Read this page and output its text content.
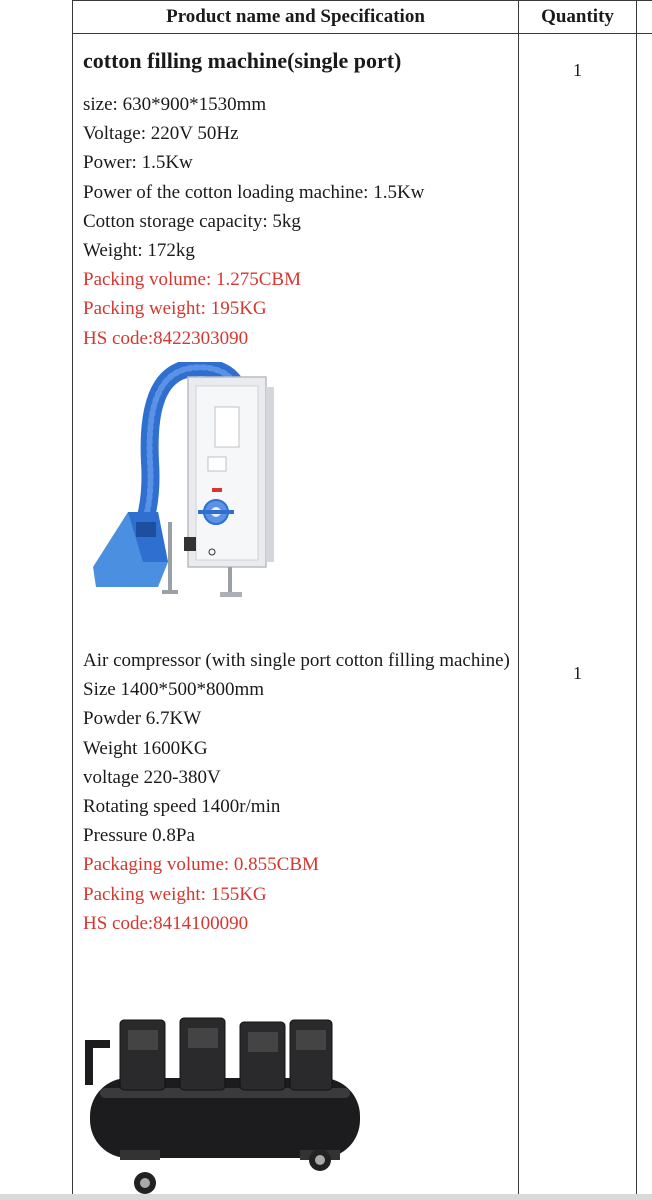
Product name and Specification	Quantity
cotton filling machine(single port)
size: 630*900*1530mm
Voltage: 220V 50Hz
Power: 1.5Kw
Power of the cotton loading machine: 1.5Kw
Cotton storage capacity: 5kg
Weight: 172kg
Packing volume: 1.275CBM
Packing weight: 195KG
HS code:8422303090
1
Air compressor (with single port cotton filling machine)
Size 1400*500*800mm
Powder 6.7KW
Weight 1600KG
voltage 220-380V
Rotating speed 1400r/min
Pressure 0.8Pa
Packaging volume: 0.855CBM
Packing weight: 155KG
HS code:8414100090
1
